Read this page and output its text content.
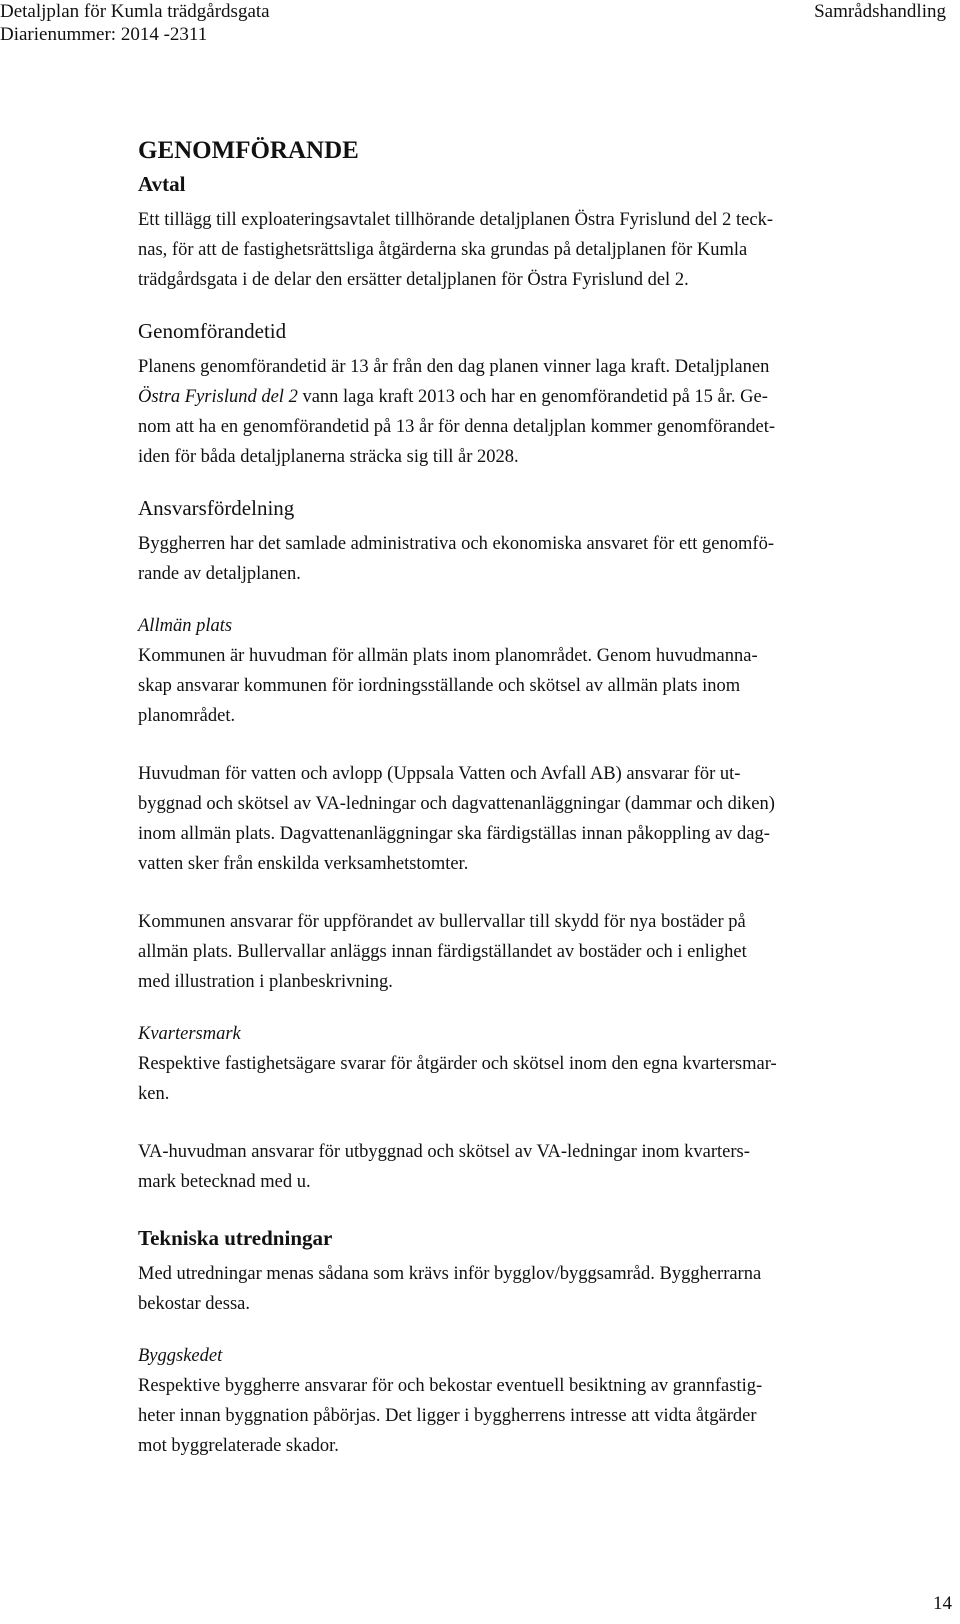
Detaljplan för Kumla trädgårdsgata
Diarienummer: 2014 -2311
Samrådshandling
GENOMFÖRANDE
Avtal

Ett tillägg till exploateringsavtalet tillhörande detaljplanen Östra Fyrislund del 2 teck-
nas, för att de fastighetsrättsliga åtgärderna ska grundas på detaljplanen för Kumla
trädgårdsgata i de delar den ersätter detaljplanen för Östra Fyrislund del 2.

Genomförandetid

Planens genomförandetid är 13 år från den dag planen vinner laga kraft. Detaljplanen
Östra Fyrislund del 2 vann laga kraft 2013 och har en genomförandetid på 15 år. Ge-
nom att ha en genomförandetid på 13 år för denna detaljplan kommer genomförandet-
iden för båda detaljplanerna sträcka sig till år 2028.

Ansvarsfördelning

Byggherren har det samlade administrativa och ekonomiska ansvaret för ett genomfö-
rande av detaljplanen.

Allmän plats

Kommunen är huvudman för allmän plats inom planområdet. Genom huvudmanna-
skap ansvarar kommunen för iordningsställande och skötsel av allmän plats inom
planområdet.

Huvudman för vatten och avlopp (Uppsala Vatten och Avfall AB) ansvarar för ut-
byggnad och skötsel av VA-ledningar och dagvattenanläggningar (dammar och diken)
inom allmän plats. Dagvattenanläggningar ska färdigställas innan påkoppling av dag-
vatten sker från enskilda verksamhetstomter.

Kommunen ansvarar för uppförandet av bullervallar till skydd för nya bostäder på
allmän plats. Bullervallar anläggs innan färdigställandet av bostäder och i enlighet
med illustration i planbeskrivning.

Kvartersmark

Respektive fastighetsägare svarar för åtgärder och skötsel inom den egna kvartersmar-
ken.

VA-huvudman ansvarar för utbyggnad och skötsel av VA-ledningar inom kvarters-
mark betecknad med u.

Tekniska utredningar

Med utredningar menas sådana som krävs inför bygglov/byggsamråd. Byggherrarna
bekostar dessa.

Byggskedet

Respektive byggherre ansvarar för och bekostar eventuell besiktning av grannfastig-
heter innan byggnation påbörjas. Det ligger i byggherrens intresse att vidta åtgärder
mot byggrelaterade skador.

14
